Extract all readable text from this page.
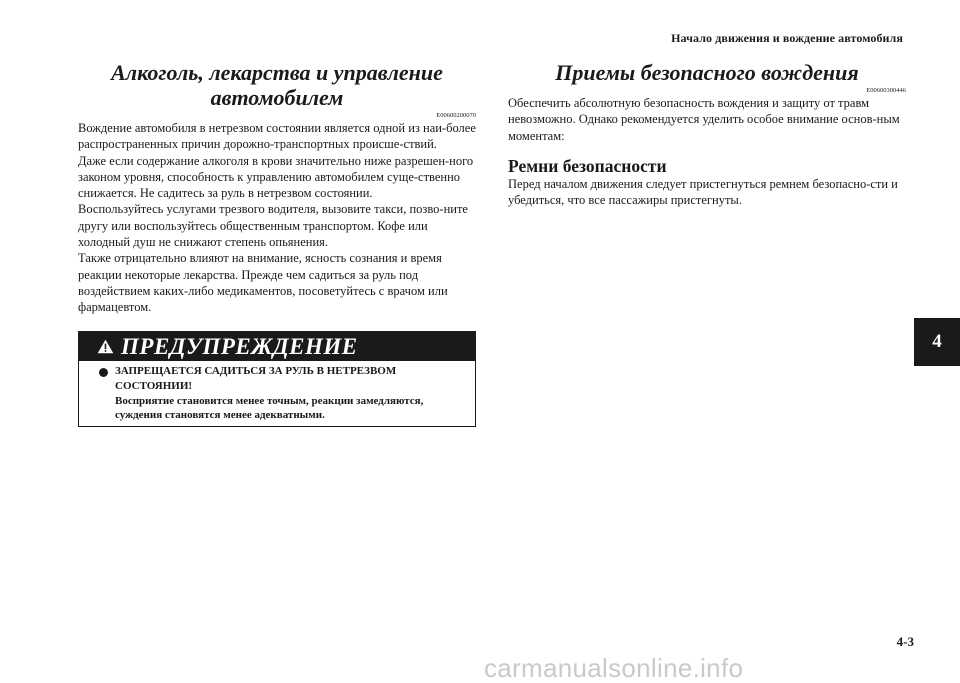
Начало движения и вождение автомобиля
Алкоголь, лекарства и управление автомобилем
E00600200070

Вождение автомобиля в нетрезвом состоянии является одной из наи-более распространенных причин дорожно-транспортных происше-ствий.

Даже если содержание алкоголя в крови значительно ниже разрешен-ного законом уровня, способность к управлению автомобилем суще-ственно снижается. Не садитесь за руль в нетрезвом состоянии.

Воспользуйтесь услугами трезвого водителя, вызовите такси, позво-ните другу или воспользуйтесь общественным транспортом. Кофе или холодный душ не снижают степень опьянения.

Также отрицательно влияют на внимание, ясность сознания и время реакции некоторые лекарства. Прежде чем садиться за руль под воздействием каких-либо медикаментов, посоветуйтесь с врачом или фармацевтом.

ПРЕДУПРЕЖДЕНИЕ
ЗАПРЕЩАЕТСЯ САДИТЬСЯ ЗА РУЛЬ В НЕТРЕЗВОМ СОСТОЯНИИ!
Восприятие становится менее точным, реакции замедляются, суждения становятся менее адекватными.
Приемы безопасного вождения
E00600300446

Обеспечить абсолютную безопасность вождения и защиту от травм невозможно. Однако рекомендуется уделить особое внимание основ-ным моментам:

Ремни безопасности

Перед началом движения следует пристегнуться ремнем безопасно-сти и убедиться, что все пассажиры пристегнуты.

4
4-3
carmanualsonline.info
